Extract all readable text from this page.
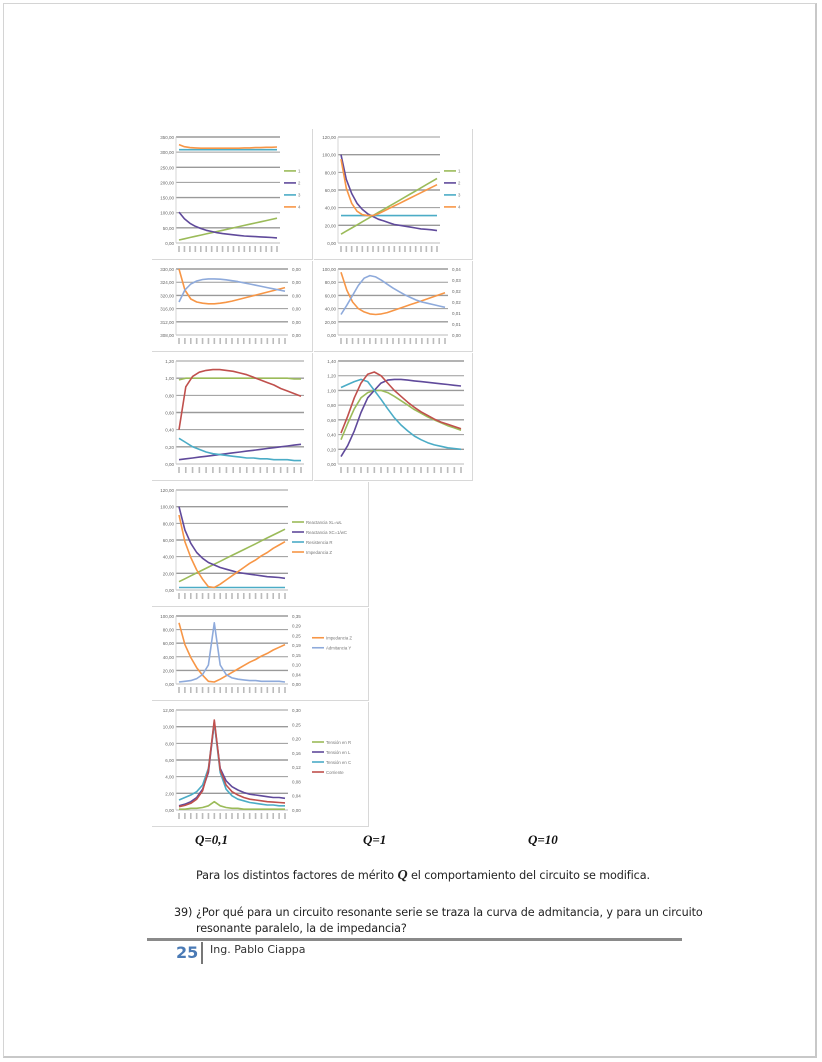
0,00
50,00
100,00
150,00
200,00
250,00
300,00
350,00
1
2
3
4
0,00
20,00
40,00
60,00
80,00
100,00
120,00
1
2
3
4
308,00
312,00
316,00
320,00
324,00
330,00
0,00
0,00
0,00
0,00
0,00
0,00
0,00
20,00
40,00
60,00
80,00
100,00
0,00
0,01
0,01
0,02
0,02
0,03
0,04
0,00
0,20
0,40
0,60
0,80
1,00
1,20
0,00
0,20
0,40
0,60
0,80
1,00
1,20
1,40
0,00
20,00
40,00
60,00
80,00
100,00
120,00
Reactancia XL=wL
Reactancia XC=1/wC
Resistencia R
Impedancia Z
0,00
20,00
40,00
60,00
80,00
100,00
0,00
0,04
0,10
0,15
0,19
0,25
0,29
0,35
Impedancia Z
Admitancia Y
0,00
2,00
4,00
6,00
8,00
10,00
12,00
0,00
0,04
0,08
0,12
0,16
0,20
0,25
0,30
Tensión en R
Tensión en L
Tensión en C
Corriente
Q=0,1	Q=1	Q=10
Para los distintos factores de mérito Q el comportamiento del circuito se modifica.
39) ¿Por qué para un circuito resonante serie se traza la curva de admitancia, y para un circuito
resonante paralelo, la de impedancia?
25 Ing. Pablo Ciappa
